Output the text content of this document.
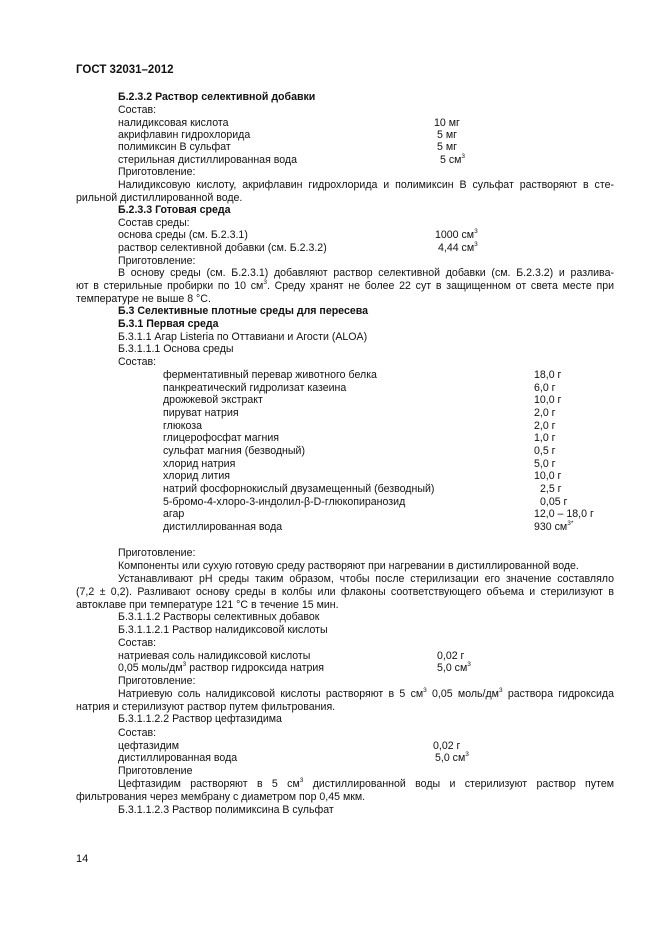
ГОСТ 32031–2012
Б.2.3.2 Раствор селективной добавки
Состав:
налидиксовая кислота	10 мг
акрифлавин гидрохлорида	5 мг
полимиксин В сульфат	5 мг
стерильная дистиллированная вода	5 $см^3$
Приготовление:
Налидиксовую кислоту, акрифлавин гидрохлорида и полимиксин В сульфат растворяют в сте-
рильной дистиллированной воде.
Б.2.3.3 Готовая среда
Состав среды:
основа среды (см. Б.2.3.1)	1000 $см^3$
раствор селективной добавки (см. Б.2.3.2)	4,44 $см^3$
Приготовление:
В основу среды (см. Б.2.3.1) добавляют раствор селективной добавки (см. Б.2.3.2) и разлива-
ют в стерильные пробирки по 10 $см^3$. Среду хранят не более 22 сут в защищенном от света месте при
температуре не выше 8 °С.
Б.3 Селективные плотные среды для пересева
Б.3.1 Первая среда
Б.3.1.1 Агар Listeria по Оттавиани и Агости (ALOA)
Б.3.1.1.1 Основа среды
Состав:
ферментативный перевар животного белка	18,0 г
панкреатический гидролизат казеина	6,0 г
дрожжевой экстракт	10,0 г
пируват натрия	2,0 г
глюкоза	2,0 г
глицерофосфат магния	1,0 г
сульфат магния (безводный)	0,5 г
хлорид натрия	5,0 г
хлорид лития	10,0 г
натрий фосфорнокислый двузамещенный (безводный)	2,5 г
5-бромо-4-хлоро-3-индолил-β-D-глюкопиранозид	0,05 г
агар	12,0 – 18,0 г
дистиллированная вода	930 $см^{3*}$
Приготовление:
Компоненты или сухую готовую среду растворяют при нагревании в дистиллированной воде.
Устанавливают рН среды таким образом, чтобы после стерилизации его значение составляло
(7,2 ± 0,2). Разливают основу среды в колбы или флаконы соответствующего объема и стерилизуют в
автоклаве при температуре 121 °С в течение 15 мин.
Б.3.1.1.2 Растворы селективных добавок
Б.3.1.1.2.1 Раствор налидиксовой кислоты
Состав:
натриевая соль налидиксовой кислоты	0,02 г
0,05 моль/$дм^3$ раствор гидроксида натрия	5,0 $см^3$
Приготовление:
Натриевую соль налидиксовой кислоты растворяют в 5 $см^3$ 0,05 моль/$дм^3$ раствора гидроксида
натрия и стерилизуют раствор путем фильтрования.
Б.3.1.1.2.2 Раствор цефтазидима
Состав:
цефтазидим	0,02 г
дистиллированная вода	5,0 $см^3$
Приготовление
Цефтазидим растворяют в 5 $см^3$ дистиллированной воды и стерилизуют раствор путем
фильтрования через мембрану с диаметром пор 0,45 мкм.
Б.3.1.1.2.3 Раствор полимиксина В сульфат
14
